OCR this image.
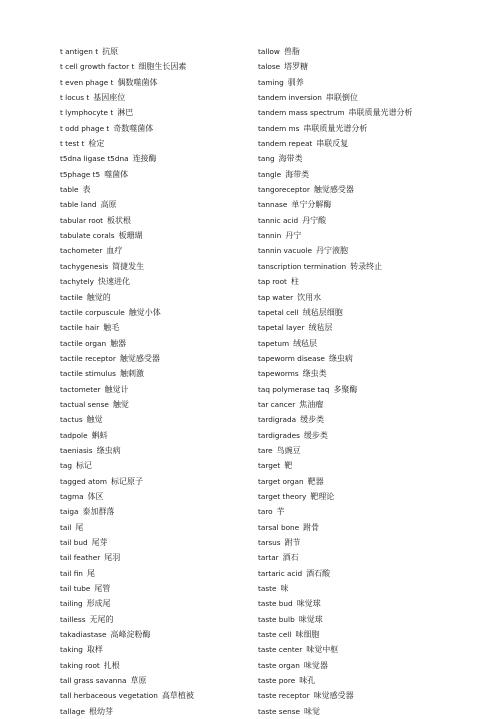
t antigen t 抗原
t cell growth factor t 细胞生长因素
t even phage t 偶数噬菌体
t locus t 基因座位
t lymphocyte t 淋巴
t odd phage t 奇数噬菌体
t test t 检定
t5dna ligase t5dna 连接酶
t5phage t5 噬菌体
table 表
table land 高原
tabular root 板状根
tabulate corals 板珊瑚
tachometer 血疗
tachygenesis 简捷发生
tachytely 快速进化
tactile 触觉的
tactile corpuscule 触觉小体
tactile hair 触毛
tactile organ 触器
tactile receptor 触觉感受器
tactile stimulus 触刺激
tactometer 触觉计
tactual sense 触觉
tactus 触觉
tadpole 蝌蚪
taeniasis 绦虫病
tag 标记
tagged atom 标记原子
tagma 体区
taiga 泰加群落
tail 尾
tail bud 尾芽
tail feather 尾羽
tail fin 尾
tail tube 尾管
tailing 形成尾
tailless 无尾的
takadiastase 高峰淀粉酶
taking 取样
taking root 扎根
tall grass savanna 草原
tall herbaceous vegetation 高草植被
tallage 根幼芽
tallow 兽脂
talose 塔罗糖
taming 驯养
tandem inversion 串联倒位
tandem mass spectrum 串联质量光谱分析
tandem ms 串联质量光谱分析
tandem repeat 串联反复
tang 海带类
tangle 海带类
tangoreceptor 触觉感受器
tannase 单宁分解酶
tannic acid 丹宁酸
tannin 丹宁
tannin vacuole 丹宁液胞
tanscription termination 转录终止
tap root 柱
tap water 饮用水
tapetal cell 绒毡层细胞
tapetal layer 绒毡层
tapetum 绒毡层
tapeworm disease 绦虫病
tapeworms 绦虫类
taq polymerase taq 多聚酶
tar cancer 焦油瘤
tardigrada 缓步类
tardigrades 缓步类
tare 鸟豌豆
target 靶
target organ 靶器
target theory 靶理论
taro 芋
tarsal bone 跗骨
tarsus 跗节
tartar 酒石
tartaric acid 酒石酸
taste 味
taste bud 味觉球
taste bulb 味觉球
taste cell 味细胞
taste center 味觉中枢
taste organ 味觉器
taste pore 味孔
taste receptor 味觉感受器
taste sense 味觉
